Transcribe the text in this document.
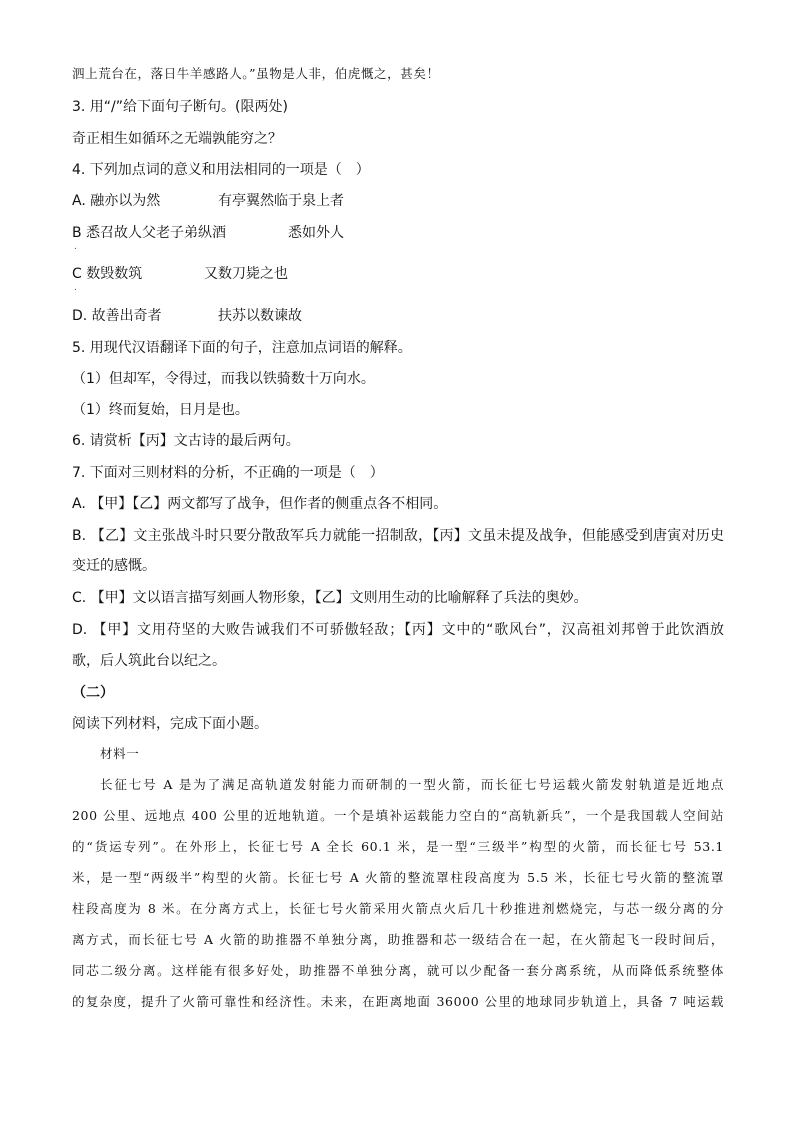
泗上荒台在，落日牛羊感路人。”虽物是人非，伯虎慨之，甚矣！
3. 用“/”给下面句子断句。(限两处)
奇正相生如循环之无端孰能穷之？
4. 下列加点词的意义和用法相同的一项是（　）
A. 融亦以为然	有亭翼然临于泉上者
B 悉召故人父老子弟纵酒	悉如外人
.
C 数毁数筑	又数刀毙之也
.
D. 故善出奇者	扶苏以数谏故
5. 用现代汉语翻译下面的句子，注意加点词语的解释。
（1）但却军，令得过，而我以铁骑数十万向水。
（1）终而复始，日月是也。
6. 请赏析【丙】文古诗的最后两句。
7. 下面对三则材料的分析，不正确的一项是（　）
A. 【甲】【乙】两文都写了战争，但作者的侧重点各不相同。
B. 【乙】文主张战斗时只要分散敌军兵力就能一招制敌，【丙】文虽未提及战争，但能感受到唐寅对历史
变迁的感慨。
C. 【甲】文以语言描写刻画人物形象，【乙】文则用生动的比喻解释了兵法的奥妙。
D. 【甲】文用苻坚的大败告诫我们不可骄傲轻敌；【丙】文中的“歌风台”，汉高祖刘邦曾于此饮酒放
歌，后人筑此台以纪之。
（二）
阅读下列材料，完成下面小题。
材料一
长征七号 A 是为了满足高轨道发射能力而研制的一型火箭，而长征七号运载火箭发射轨道是近地点
200 公里、远地点 400 公里的近地轨道。一个是填补运载能力空白的“高轨新兵”，一个是我国载人空间站
的“货运专列”。在外形上，长征七号 A 全长 60.1 米，是一型“三级半”构型的火箭，而长征七号 53.1
米，是一型“两级半”构型的火箭。长征七号 A 火箭的整流罩柱段高度为 5.5 米，长征七号火箭的整流罩
柱段高度为 8 米。在分离方式上，长征七号火箭采用火箭点火后几十秒推进剂燃烧完，与芯一级分离的分
离方式，而长征七号 A 火箭的助推器不单独分离，助推器和芯一级结合在一起，在火箭起飞一段时间后，
同芯二级分离。这样能有很多好处，助推器不单独分离，就可以少配备一套分离系统，从而降低系统整体
的复杂度，提升了火箭可靠性和经济性。未来，在距离地面 36000 公里的地球同步轨道上，具备 7 吨运载
